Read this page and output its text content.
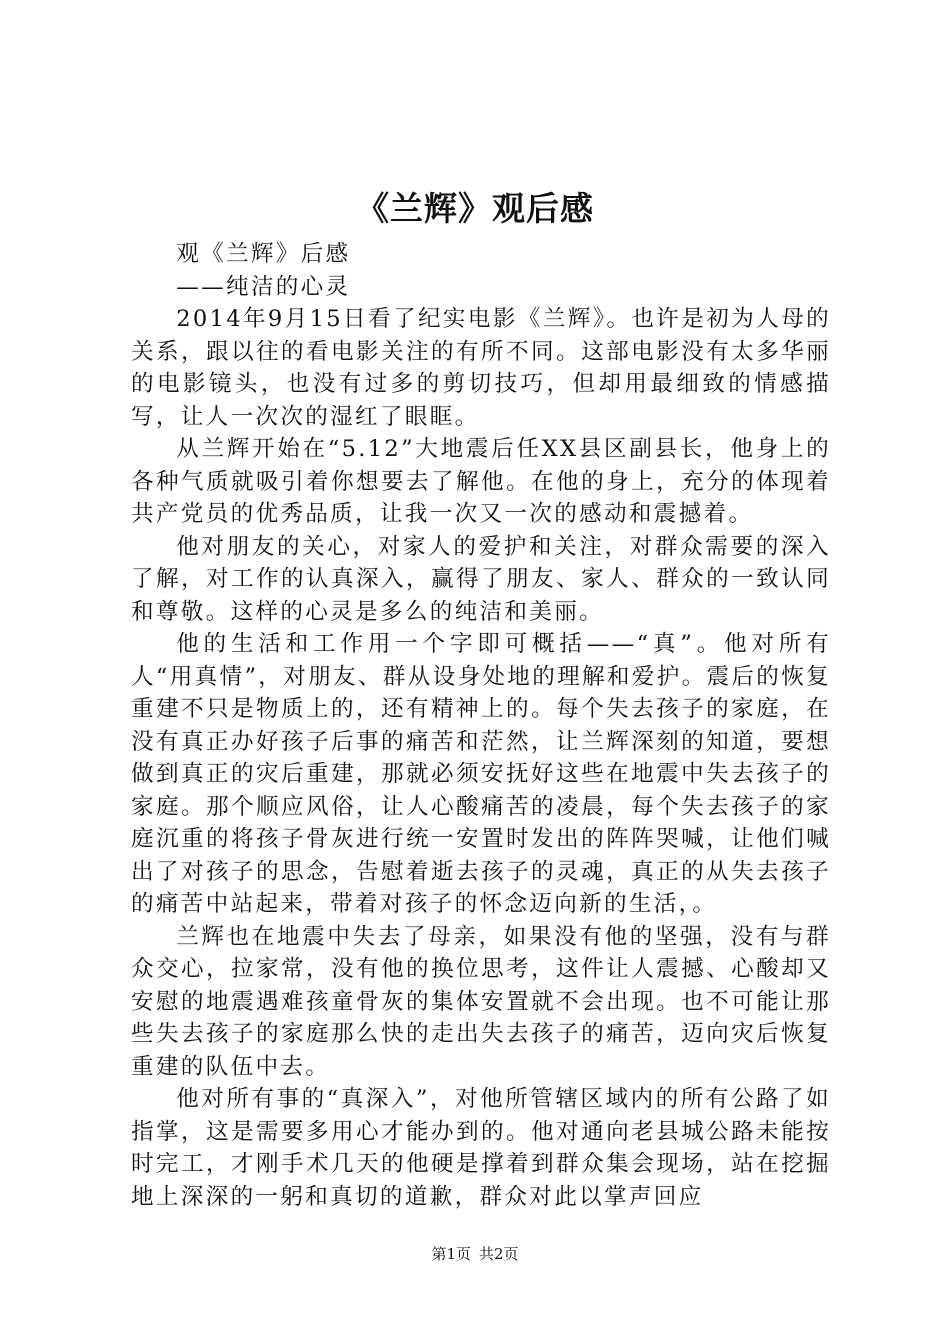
《兰辉》观后感

观《兰辉》后感

——纯洁的心灵

2014年9月15日看了纪实电影《兰辉》。也许是初为人母的关系，跟以往的看电影关注的有所不同。这部电影没有太多华丽的电影镜头，也没有过多的剪切技巧，但却用最细致的情感描写，让人一次次的湿红了眼眶。

从兰辉开始在“5.12”大地震后任XX县区副县长，他身上的各种气质就吸引着你想要去了解他。在他的身上，充分的体现着共产党员的优秀品质，让我一次又一次的感动和震撼着。

他对朋友的关心，对家人的爱护和关注，对群众需要的深入了解，对工作的认真深入，赢得了朋友、家人、群众的一致认同和尊敬。这样的心灵是多么的纯洁和美丽。

他的生活和工作用一个字即可概括——“真”。他对所有人“用真情”，对朋友、群从设身处地的理解和爱护。震后的恢复重建不只是物质上的，还有精神上的。每个失去孩子的家庭，在没有真正办好孩子后事的痛苦和茫然，让兰辉深刻的知道，要想做到真正的灾后重建，那就必须安抚好这些在地震中失去孩子的家庭。那个顺应风俗，让人心酸痛苦的凌晨，每个失去孩子的家庭沉重的将孩子骨灰进行统一安置时发出的阵阵哭喊，让他们喊出了对孩子的思念，告慰着逝去孩子的灵魂，真正的从失去孩子的痛苦中站起来，带着对孩子的怀念迈向新的生活，。

兰辉也在地震中失去了母亲，如果没有他的坚强，没有与群众交心，拉家常，没有他的换位思考，这件让人震撼、心酸却又安慰的地震遇难孩童骨灰的集体安置就不会出现。也不可能让那些失去孩子的家庭那么快的走出失去孩子的痛苦，迈向灾后恢复重建的队伍中去。

他对所有事的“真深入”，对他所管辖区域内的所有公路了如指掌，这是需要多用心才能办到的。他对通向老县城公路未能按时完工，才刚手术几天的他硬是撑着到群众集会现场，站在挖掘地上深深的一躬和真切的道歉，群众对此以掌声回应

第1页 共2页
